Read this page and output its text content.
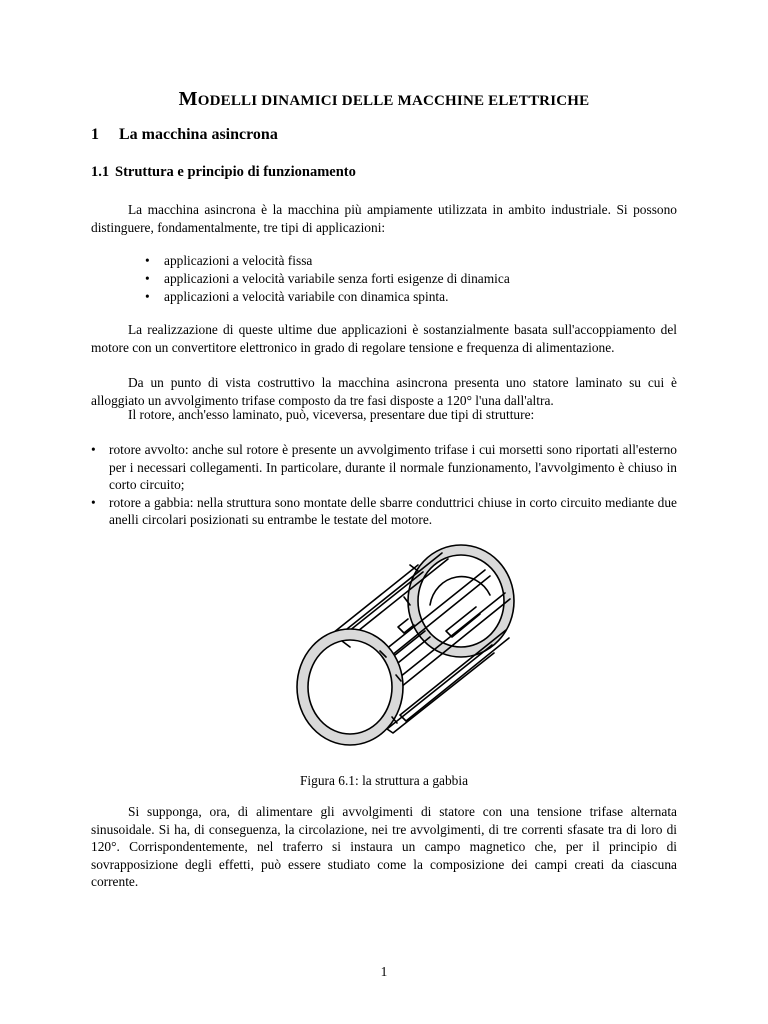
MODELLI DINAMICI DELLE MACCHINE ELETTRICHE
1 La macchina asincrona
1.1 Struttura e principio di funzionamento
La macchina asincrona è la macchina più ampiamente utilizzata in ambito industriale. Si possono distinguere, fondamentalmente, tre tipi di applicazioni:
• applicazioni a velocità fissa
• applicazioni a velocità variabile senza forti esigenze di dinamica
• applicazioni a velocità variabile con dinamica spinta.
La realizzazione di queste ultime due applicazioni è sostanzialmente basata sull'accoppiamento del motore con un convertitore elettronico in grado di regolare tensione e frequenza di alimentazione.
Da un punto di vista costruttivo la macchina asincrona presenta uno statore laminato su cui è alloggiato un avvolgimento trifase composto da tre fasi disposte a 120° l'una dall'altra.
Il rotore, anch'esso laminato, può, viceversa, presentare due tipi di strutture:
• rotore avvolto: anche sul rotore è presente un avvolgimento trifase i cui morsetti sono riportati all'esterno per i necessari collegamenti. In particolare, durante il normale funzionamento, l'avvolgimento è chiuso in corto circuito;
• rotore a gabbia: nella struttura sono montate delle sbarre conduttrici chiuse in corto circuito mediante due anelli circolari posizionati su entrambe le testate del motore.
Figura 6.1: la struttura a gabbia
Si supponga, ora, di alimentare gli avvolgimenti di statore con una tensione trifase alternata sinusoidale. Si ha, di conseguenza, la circolazione, nei tre avvolgimenti, di tre correnti sfasate tra di loro di 120°. Corrispondentemente, nel traferro si instaura un campo magnetico che, per il principio di sovrapposizione degli effetti, può essere studiato come la composizione dei campi creati da ciascuna corrente.
1
